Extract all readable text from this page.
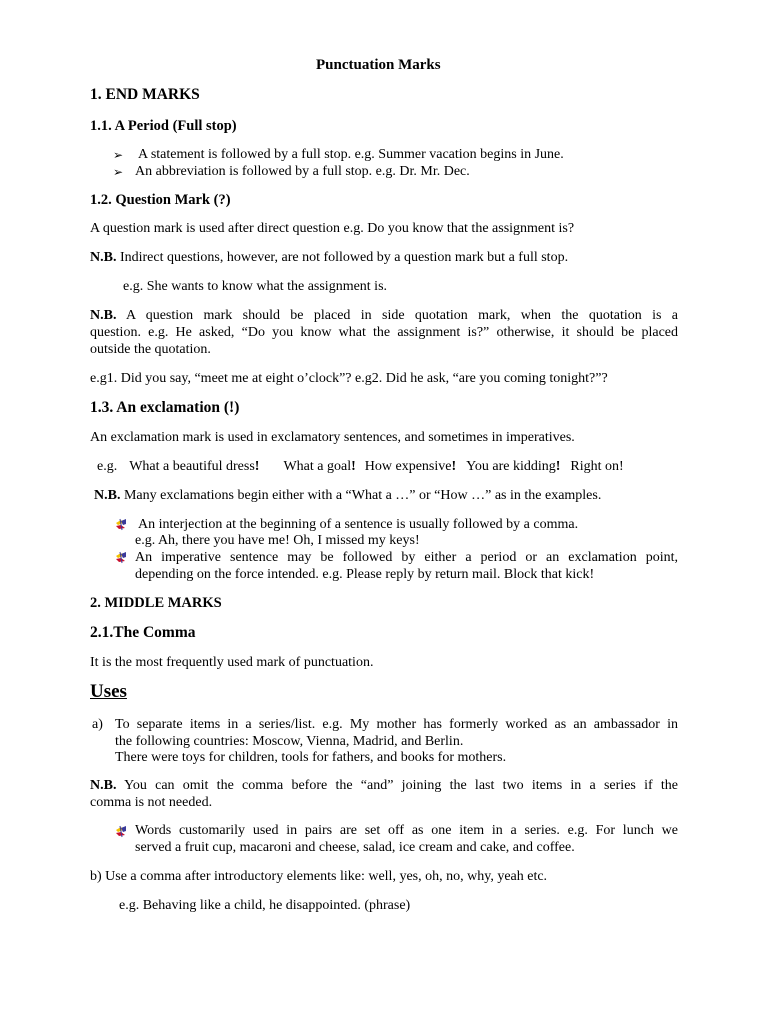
Punctuation Marks
1. END MARKS
1.1. A Period (Full stop)
➢ A statement is followed by a full stop. e.g. Summer vacation begins in June.
➢ An abbreviation is followed by a full stop. e.g. Dr. Mr. Dec.
1.2. Question Mark (?)
A question mark is used after direct question e.g. Do you know that the assignment is?
N.B. Indirect questions, however, are not followed by a question mark but a full stop.
e.g. She wants to know what the assignment is.
N.B. A question mark should be placed in side quotation mark, when the quotation is a
question. e.g. He asked, “Do you know what the assignment is?” otherwise, it should be placed
outside the quotation.
e.g1. Did you say, “meet me at eight o’clock”? e.g2. Did he ask, “are you coming tonight?”?
1.3. An exclamation (!)
An exclamation mark is used in exclamatory sentences, and sometimes in imperatives.
e.g. What a beautiful dress! What a goal! How expensive! You are kidding! Right on!
N.B. Many exclamations begin either with a “What a …” or “How …” as in the examples.
An interjection at the beginning of a sentence is usually followed by a comma.
e.g. Ah, there you have me! Oh, I missed my keys!
An imperative sentence may be followed by either a period or an exclamation point,
depending on the force intended. e.g. Please reply by return mail. Block that kick!
2. MIDDLE MARKS
2.1.The Comma
It is the most frequently used mark of punctuation.
Uses
a) To separate items in a series/list. e.g. My mother has formerly worked as an ambassador in
the following countries: Moscow, Vienna, Madrid, and Berlin.
There were toys for children, tools for fathers, and books for mothers.
N.B. You can omit the comma before the “and” joining the last two items in a series if the
comma is not needed.
Words customarily used in pairs are set off as one item in a series. e.g. For lunch we
served a fruit cup, macaroni and cheese, salad, ice cream and cake, and coffee.
b) Use a comma after introductory elements like: well, yes, oh, no, why, yeah etc.
e.g. Behaving like a child, he disappointed. (phrase)
